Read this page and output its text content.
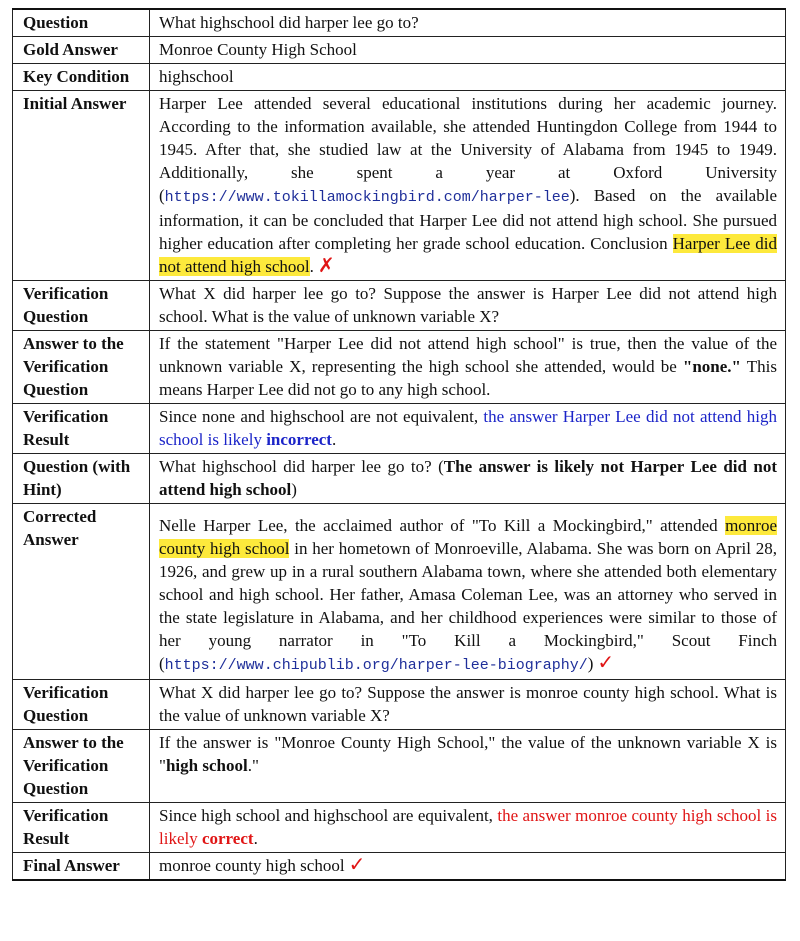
Question	What highschool did harper lee go to?
Gold Answer	Monroe County High School
Key Condition	highschool
Initial Answer	Harper Lee attended several educational institutions during her academic journey. According to the information available, she attended Huntingdon College from 1944 to 1945. After that, she studied law at the University of Alabama from 1945 to 1949. Additionally, she spent a year at Oxford University (https://www.tokillamockingbird.com/harper-lee). Based on the available information, it can be concluded that Harper Lee did not attend high school. She pursued higher education after completing her grade school education. Conclusion Harper Lee did not attend high school. ✗
Verification Question	What X did harper lee go to? Suppose the answer is Harper Lee did not attend high school. What is the value of unknown variable X?
Answer to the Verification Question	If the statement "Harper Lee did not attend high school" is true, then the value of the unknown variable X, representing the high school she attended, would be "none." This means Harper Lee did not go to any high school.
Verification Result	Since none and highschool are not equivalent, the answer Harper Lee did not attend high school is likely incorrect.
Question (with Hint)	What highschool did harper lee go to? (The answer is likely not Harper Lee did not attend high school)
Corrected Answer	Nelle Harper Lee, the acclaimed author of "To Kill a Mockingbird," attended monroe county high school in her hometown of Monroeville, Alabama. She was born on April 28, 1926, and grew up in a rural southern Alabama town, where she attended both elementary school and high school. Her father, Amasa Coleman Lee, was an attorney who served in the state legislature in Alabama, and her childhood experiences were similar to those of her young narrator in "To Kill a Mockingbird," Scout Finch (https://www.chipublib.org/harper-lee-biography/) ✓
Verification Question	What X did harper lee go to? Suppose the answer is monroe county high school. What is the value of unknown variable X?
Answer to the Verification Question	If the answer is "Monroe County High School," the value of the unknown variable X is "high school."
Verification Result	Since high school and highschool are equivalent, the answer monroe county high school is likely correct.
Final Answer	monroe county high school ✓
